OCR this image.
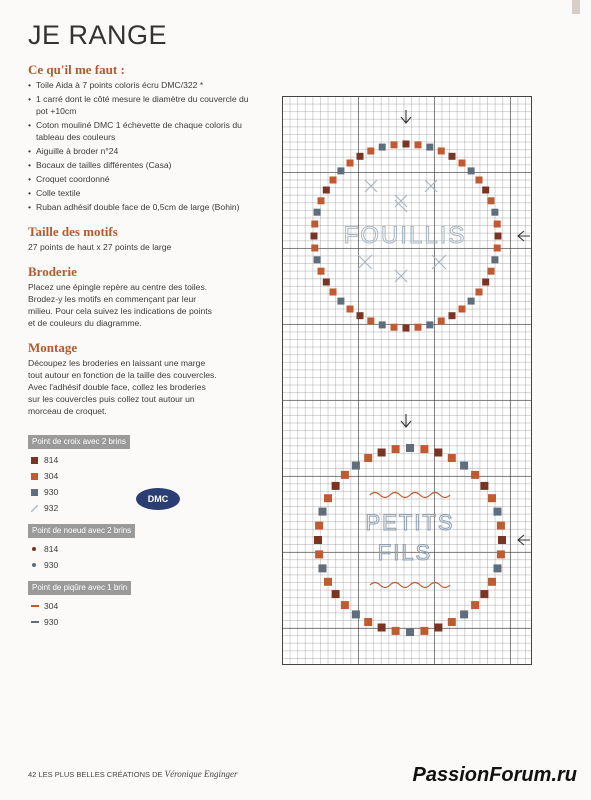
JE RANGE
Ce qu'il me faut :
• Toile Aida à 7 points coloris écru DMC/322 *
• 1 carré dont le côté mesure le diamètre du couvercle du pot +10cm
• Coton mouliné DMC 1 échevette de chaque coloris du tableau des couleurs
• Aiguille à broder n°24
• Bocaux de tailles différentes (Casa)
• Croquet coordonné
• Colle textile
• Ruban adhésif double face de 0,5cm de large (Bohin)
Taille des motifs

27 points de haut x 27 points de large

Broderie

Placez une épingle repère au centre des toiles. Brodez-y les motifs en commençant par leur milieu. Pour cela suivez les indications de points et de couleurs du diagramme.

Montage

Découpez les broderies en laissant une marge tout autour en fonction de la taille des couvercles. Avec l'adhésif double face, collez les broderies sur les couvercles puis collez tout autour un morceau de croquet.

Point de croix avec 2 brins
814
304
930
932
Point de noeud avec 2 brins
814
930
Point de piqûre avec 1 brin
304
930
DMC
FOUILLIS
PETITS
FILS
42 LES PLUS BELLES CRÉATIONS DE Véronique Enginger	PassionForum.ru
